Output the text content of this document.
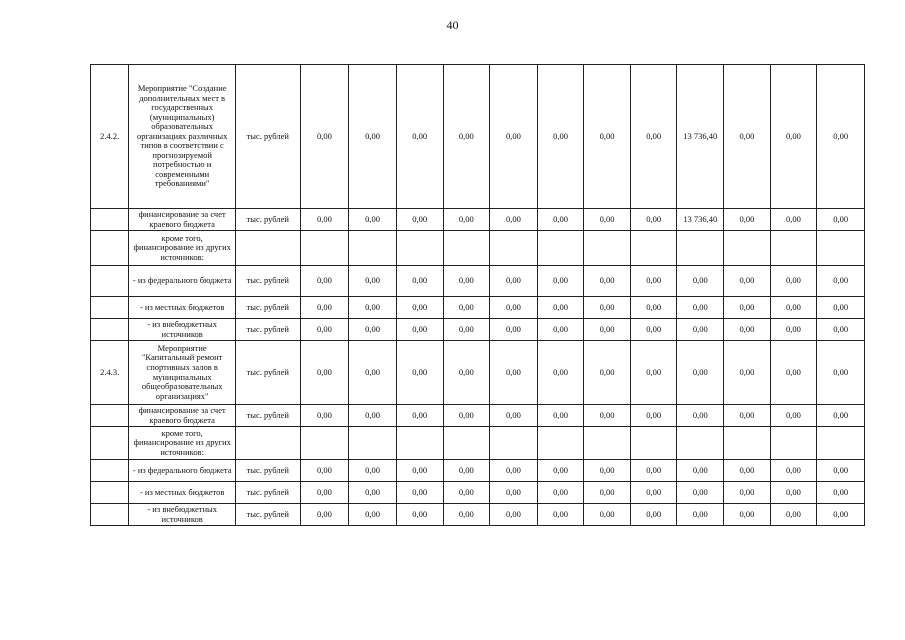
40
2.4.2.	Мероприятие "Создание дополнительных мест в государственных (муниципальных) образовательных организациях различных типов в соответствии с прогнозируемой потребностью и современными требованиями"	тыс. рублей	0,00	0,00	0,00	0,00	0,00	0,00	0,00	0,00	13 736,40	0,00	0,00	0,00
	финансирование за счет краевого бюджета	тыс. рублей	0,00	0,00	0,00	0,00	0,00	0,00	0,00	0,00	13 736,40	0,00	0,00	0,00
	кроме того, финансирование из других источников:													
	- из федерального бюджета	тыс. рублей	0,00	0,00	0,00	0,00	0,00	0,00	0,00	0,00	0,00	0,00	0,00	0,00
	- из местных бюджетов	тыс. рублей	0,00	0,00	0,00	0,00	0,00	0,00	0,00	0,00	0,00	0,00	0,00	0,00
	- из внебюджетных источников	тыс. рублей	0,00	0,00	0,00	0,00	0,00	0,00	0,00	0,00	0,00	0,00	0,00	0,00
2.4.3.	Мероприятие "Капитальный ремонт спортивных залов в муниципальных общеобразовательных организациях"	тыс. рублей	0,00	0,00	0,00	0,00	0,00	0,00	0,00	0,00	0,00	0,00	0,00	0,00
	финансирование за счет краевого бюджета	тыс. рублей	0,00	0,00	0,00	0,00	0,00	0,00	0,00	0,00	0,00	0,00	0,00	0,00
	кроме того, финансирование из других источников:													
	- из федерального бюджета	тыс. рублей	0,00	0,00	0,00	0,00	0,00	0,00	0,00	0,00	0,00	0,00	0,00	0,00
	- из местных бюджетов	тыс. рублей	0,00	0,00	0,00	0,00	0,00	0,00	0,00	0,00	0,00	0,00	0,00	0,00
	- из внебюджетных источников	тыс. рублей	0,00	0,00	0,00	0,00	0,00	0,00	0,00	0,00	0,00	0,00	0,00	0,00
